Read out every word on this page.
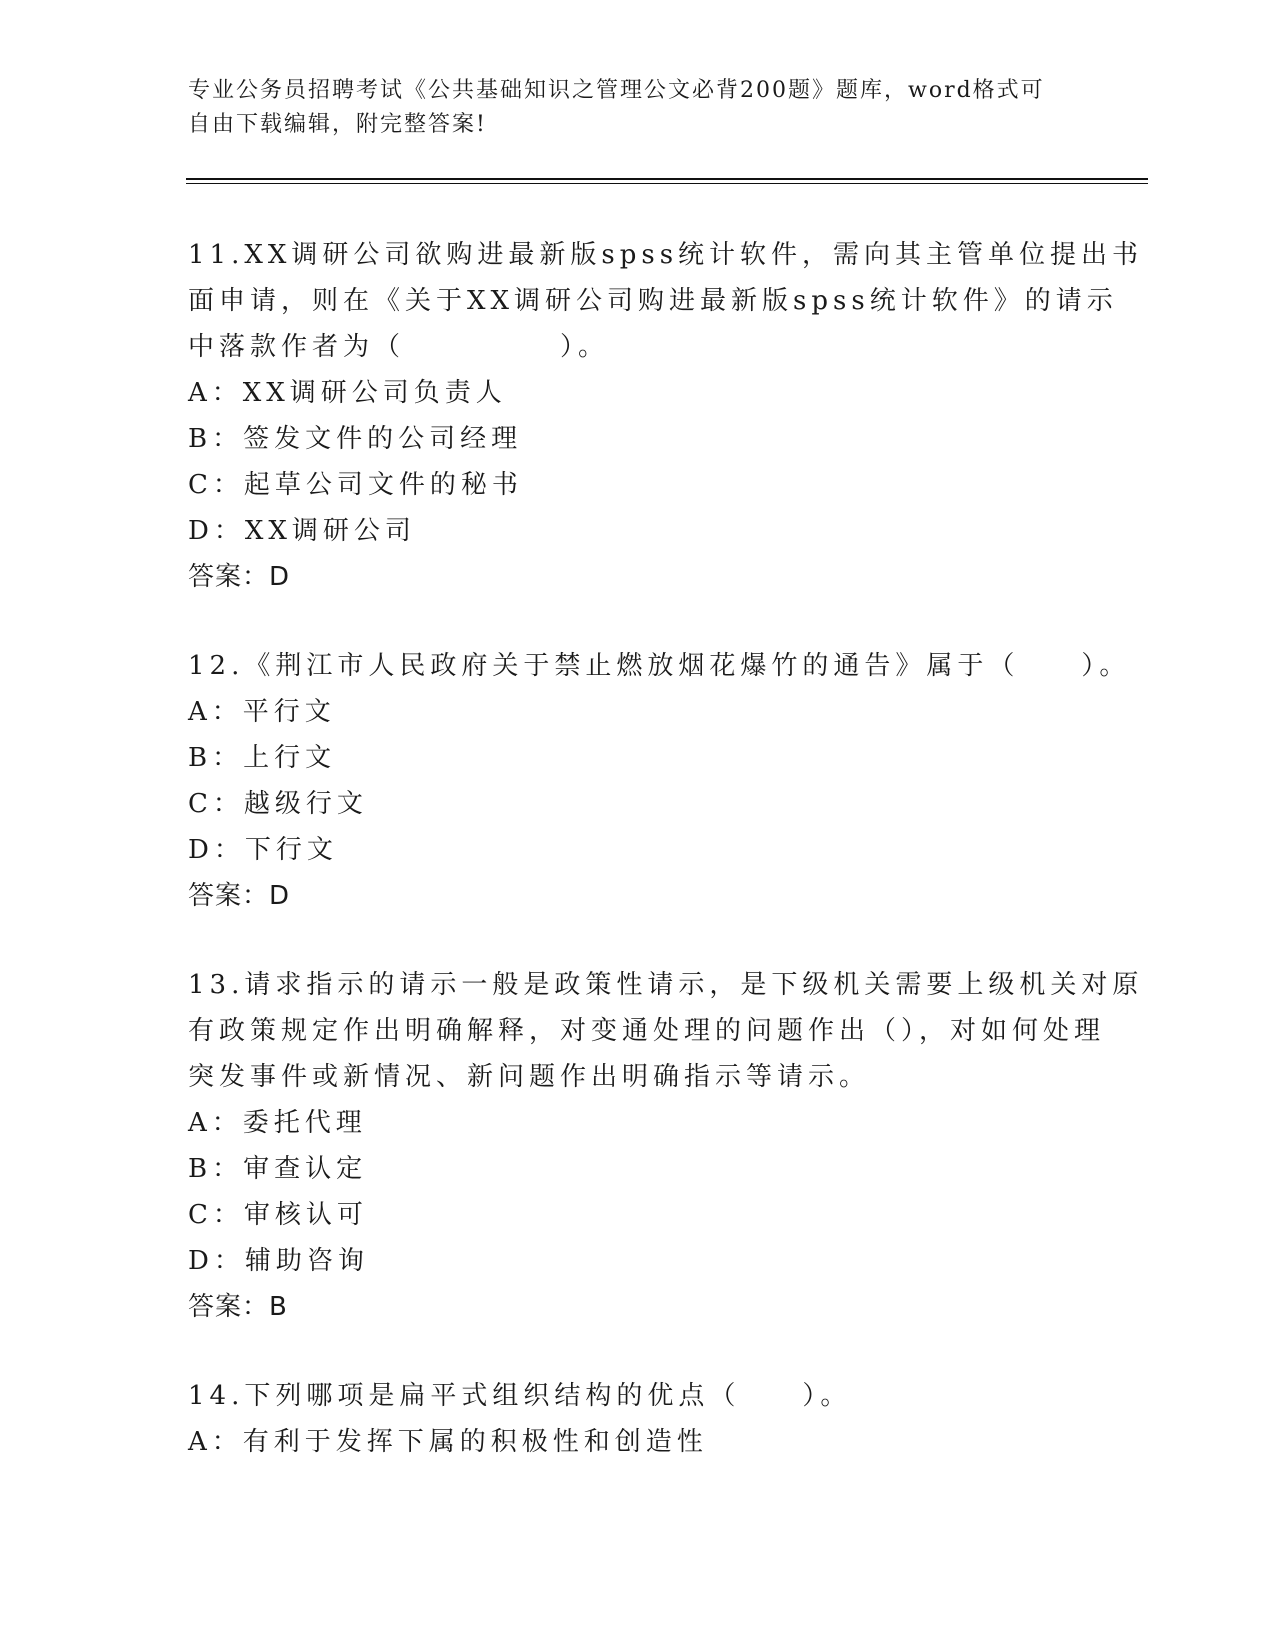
专业公务员招聘考试《公共基础知识之管理公文必背200题》题库，word格式可
自由下载编辑，附完整答案!
11.XX调研公司欲购进最新版spss统计软件，需向其主管单位提出书
面申请，则在《关于XX调研公司购进最新版spss统计软件》的请示
中落款作者为（　　　　　）。
A：XX调研公司负责人
B：签发文件的公司经理
C：起草公司文件的秘书
D：XX调研公司
答案：D
12.《荆江市人民政府关于禁止燃放烟花爆竹的通告》属于（　　）。
A：平行文
B：上行文
C：越级行文
D：下行文
答案：D
13.请求指示的请示一般是政策性请示，是下级机关需要上级机关对原
有政策规定作出明确解释，对变通处理的问题作出（），对如何处理
突发事件或新情况、新问题作出明确指示等请示。
A：委托代理
B：审查认定
C：审核认可
D：辅助咨询
答案：B
14.下列哪项是扁平式组织结构的优点（　　）。
A：有利于发挥下属的积极性和创造性
